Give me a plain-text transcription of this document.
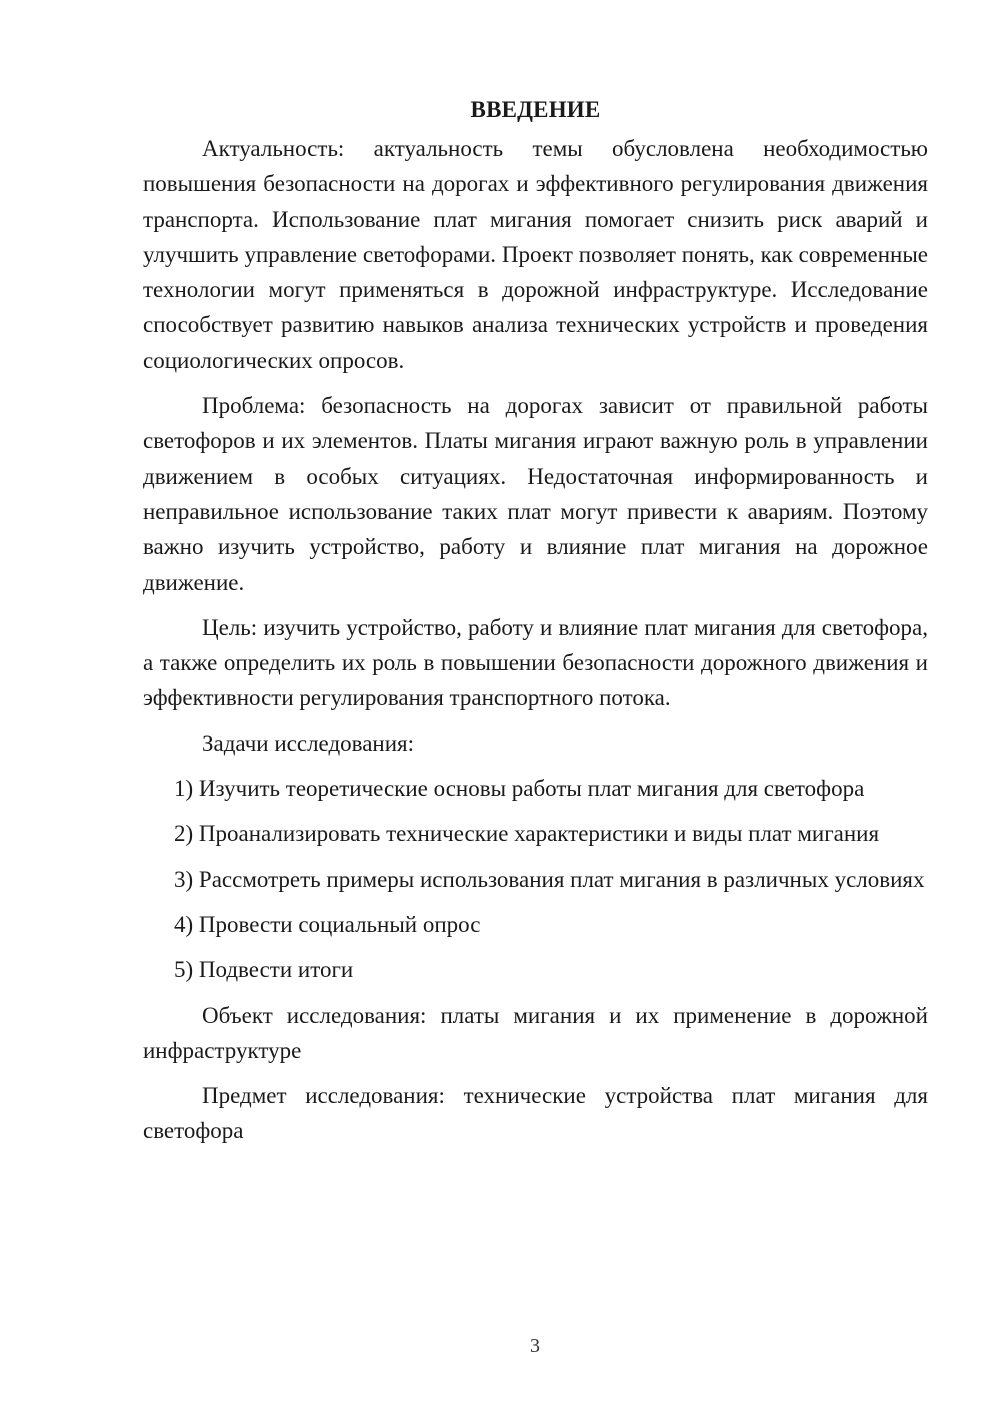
ВВЕДЕНИЕ

Актуальность: актуальность темы обусловлена необходимостью повышения безопасности на дорогах и эффективного регулирования движения транспорта. Использование плат мигания помогает снизить риск аварий и улучшить управление светофорами. Проект позволяет понять, как современные технологии могут применяться в дорожной инфраструктуре. Исследование способствует развитию навыков анализа технических устройств и проведения социологических опросов.

Проблема: безопасность на дорогах зависит от правильной работы светофоров и их элементов. Платы мигания играют важную роль в управлении движением в особых ситуациях. Недостаточная информированность и неправильное использование таких плат могут привести к авариям. Поэтому важно изучить устройство, работу и влияние плат мигания на дорожное движение.

Цель: изучить устройство, работу и влияние плат мигания для светофора, а также определить их роль в повышении безопасности дорожного движения и эффективности регулирования транспортного потока.

Задачи исследования:

1) Изучить теоретические основы работы плат мигания для светофора

2) Проанализировать технические характеристики и виды плат мигания

3) Рассмотреть примеры использования плат мигания в различных условиях

4) Провести социальный опрос

5) Подвести итоги

Объект исследования: платы мигания и их применение в дорожной инфраструктуре

Предмет исследования: технические устройства плат мигания для светофора

3
